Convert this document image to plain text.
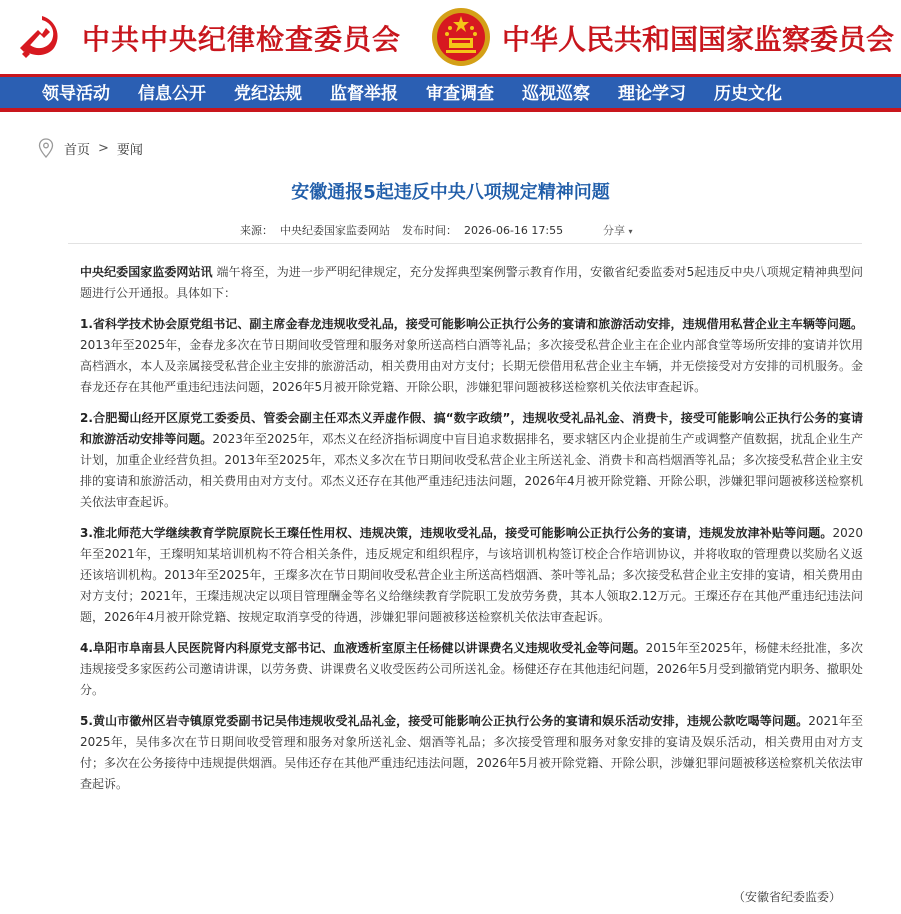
中共中央纪律检查委员会	中华人民共和国国家监察委员会
领导活动 信息公开 党纪法规 监督举报 审查调查 巡视巡察 理论学习 历史文化
首页 > 要闻
安徽通报5起违反中央八项规定精神问题
来源： 中央纪委国家监委网站 发布时间： 2026-06-16 17:55	分享 ▾

中央纪委国家监委网站讯 端午将至，为进一步严明纪律规定，充分发挥典型案例警示教育作用，安徽省纪委监委对5起违反中央八项规定精神典型问题进行公开通报。具体如下：

1.省科学技术协会原党组书记、副主席金春龙违规收受礼品，接受可能影响公正执行公务的宴请和旅游活动安排，违规借用私营企业主车辆等问题。2013年至2025年，金春龙多次在节日期间收受管理和服务对象所送高档白酒等礼品；多次接受私营企业主在企业内部食堂等场所安排的宴请并饮用高档酒水，本人及亲属接受私营企业主安排的旅游活动，相关费用由对方支付；长期无偿借用私营企业主车辆，并无偿接受对方安排的司机服务。金春龙还存在其他严重违纪违法问题，2026年5月被开除党籍、开除公职，涉嫌犯罪问题被移送检察机关依法审查起诉。

2.合肥蜀山经开区原党工委委员、管委会副主任邓杰义弄虚作假、搞“数字政绩”，违规收受礼品礼金、消费卡，接受可能影响公正执行公务的宴请和旅游活动安排等问题。2023年至2025年，邓杰义在经济指标调度中盲目追求数据排名，要求辖区内企业提前生产或调整产值数据，扰乱企业生产计划，加重企业经营负担。2013年至2025年，邓杰义多次在节日期间收受私营企业主所送礼金、消费卡和高档烟酒等礼品；多次接受私营企业主安排的宴请和旅游活动，相关费用由对方支付。邓杰义还存在其他严重违纪违法问题，2026年4月被开除党籍、开除公职，涉嫌犯罪问题被移送检察机关依法审查起诉。

3.淮北师范大学继续教育学院原院长王璨任性用权、违规决策，违规收受礼品，接受可能影响公正执行公务的宴请，违规发放津补贴等问题。2020年至2021年，王璨明知某培训机构不符合相关条件，违反规定和组织程序，与该培训机构签订校企合作培训协议，并将收取的管理费以奖励名义返还该培训机构。2013年至2025年，王璨多次在节日期间收受私营企业主所送高档烟酒、茶叶等礼品；多次接受私营企业主安排的宴请，相关费用由对方支付；2021年，王璨违规决定以项目管理酬金等名义给继续教育学院职工发放劳务费，其本人领取2.12万元。王璨还存在其他严重违纪违法问题，2026年4月被开除党籍、按规定取消享受的待遇，涉嫌犯罪问题被移送检察机关依法审查起诉。

4.阜阳市阜南县人民医院肾内科原党支部书记、血液透析室原主任杨健以讲课费名义违规收受礼金等问题。2015年至2025年，杨健未经批准，多次违规接受多家医药公司邀请讲课，以劳务费、讲课费名义收受医药公司所送礼金。杨健还存在其他违纪问题，2026年5月受到撤销党内职务、撤职处分。

5.黄山市徽州区岩寺镇原党委副书记吴伟违规收受礼品礼金，接受可能影响公正执行公务的宴请和娱乐活动安排，违规公款吃喝等问题。2021年至2025年，吴伟多次在节日期间收受管理和服务对象所送礼金、烟酒等礼品；多次接受管理和服务对象安排的宴请及娱乐活动，相关费用由对方支付；多次在公务接待中违规提供烟酒。吴伟还存在其他严重违纪违法问题，2026年5月被开除党籍、开除公职，涉嫌犯罪问题被移送检察机关依法审查起诉。

（安徽省纪委监委）
